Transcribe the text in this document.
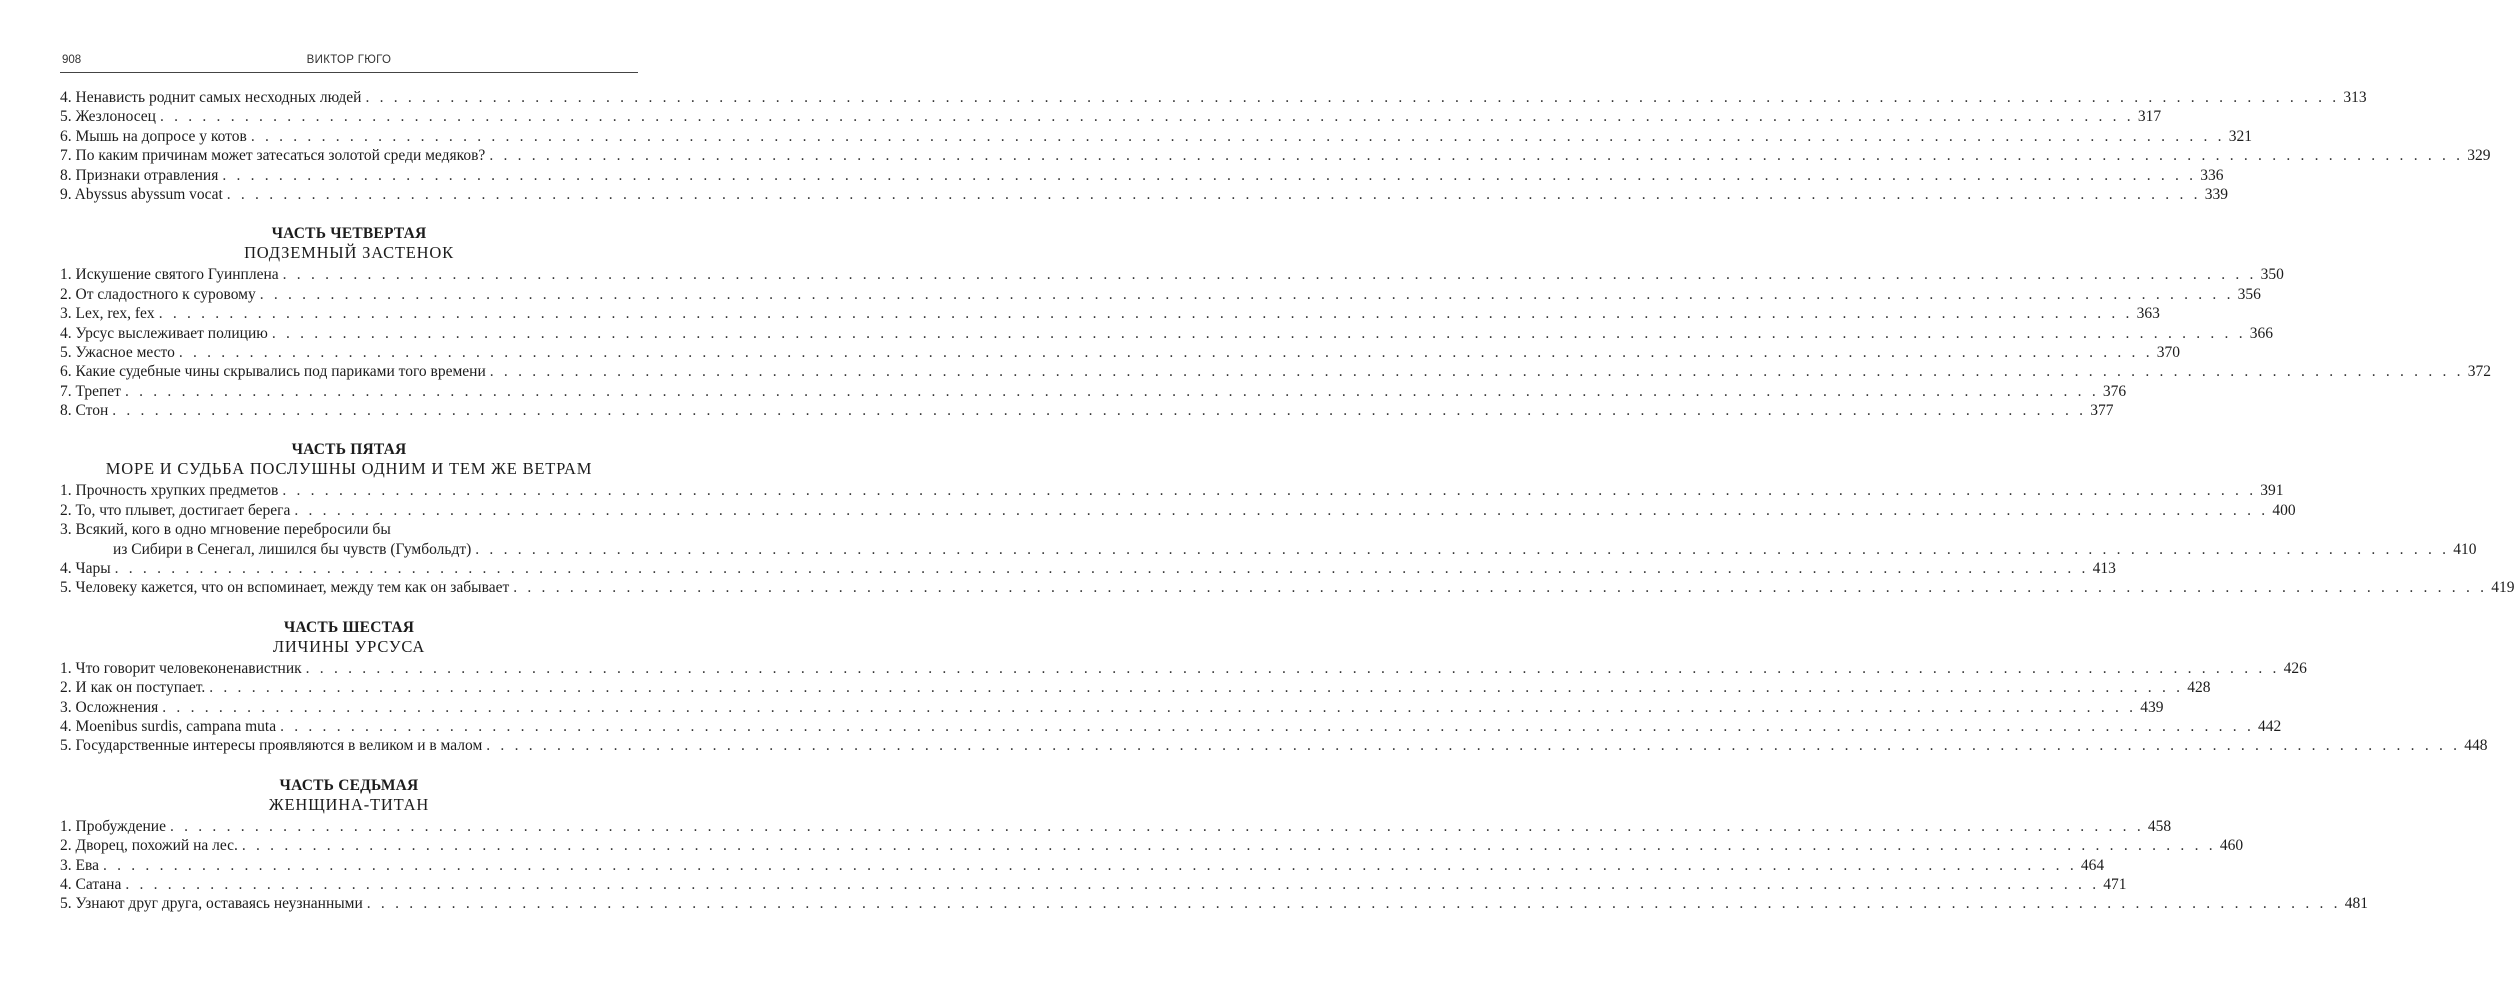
908	ВИКТОР ГЮГО
4. Ненависть роднит самых несходных людей . . . . . . . . . . . . . . . . . . . . . . . . . . . . . . . . . . . . . . . . . . . . . . . . . . . . . . . . . . . . . . . . . . . . . . . . . . . . . . . . . . . . . . . . . . . . . . . . . . . . . . . . . . . . . . . . . . . . . . . . . . . . . . . . . . . . . . . . . . . . 313
5. Жезлоносец . . . . . . . . . . . . . . . . . . . . . . . . . . . . . . . . . . . . . . . . . . . . . . . . . . . . . . . . . . . . . . . . . . . . . . . . . . . . . . . . . . . . . . . . . . . . . . . . . . . . . . . . . . . . . . . . . . . . . . . . . . . . . . . . . . . . . . . . . . . . 317
6. Мышь на допросе у котов . . . . . . . . . . . . . . . . . . . . . . . . . . . . . . . . . . . . . . . . . . . . . . . . . . . . . . . . . . . . . . . . . . . . . . . . . . . . . . . . . . . . . . . . . . . . . . . . . . . . . . . . . . . . . . . . . . . . . . . . . . . . . . . . . . . . . . . . . . . . 321
7. По каким причинам может затесаться золотой среди медяков? . . . . . . . . . . . . . . . . . . . . . . . . . . . . . . . . . . . . . . . . . . . . . . . . . . . . . . . . . . . . . . . . . . . . . . . . . . . . . . . . . . . . . . . . . . . . . . . . . . . . . . . . . . . . . . . . . . . . . . . . . . . . . . . . . . . . . . . . . . . . 329
8. Признаки отравления . . . . . . . . . . . . . . . . . . . . . . . . . . . . . . . . . . . . . . . . . . . . . . . . . . . . . . . . . . . . . . . . . . . . . . . . . . . . . . . . . . . . . . . . . . . . . . . . . . . . . . . . . . . . . . . . . . . . . . . . . . . . . . . . . . . . . . . . . . . . 336
9. Abyssus abyssum vocat . . . . . . . . . . . . . . . . . . . . . . . . . . . . . . . . . . . . . . . . . . . . . . . . . . . . . . . . . . . . . . . . . . . . . . . . . . . . . . . . . . . . . . . . . . . . . . . . . . . . . . . . . . . . . . . . . . . . . . . . . . . . . . . . . . . . . . . . . . . . 339
ЧАСТЬ ЧЕТВЕРТАЯ
ПОДЗЕМНЫЙ ЗАСТЕНОК
1. Искушение святого Гуинплена . . . . . . . . . . . . . . . . . . . . . . . . . . . . . . . . . . . . . . . . . . . . . . . . . . . . . . . . . . . . . . . . . . . . . . . . . . . . . . . . . . . . . . . . . . . . . . . . . . . . . . . . . . . . . . . . . . . . . . . . . . . . . . . . . . . . . . . . . . . . 350
2. От сладостного к суровому . . . . . . . . . . . . . . . . . . . . . . . . . . . . . . . . . . . . . . . . . . . . . . . . . . . . . . . . . . . . . . . . . . . . . . . . . . . . . . . . . . . . . . . . . . . . . . . . . . . . . . . . . . . . . . . . . . . . . . . . . . . . . . . . . . . . . . . . . . . . 356
3. Lex, rex, fex . . . . . . . . . . . . . . . . . . . . . . . . . . . . . . . . . . . . . . . . . . . . . . . . . . . . . . . . . . . . . . . . . . . . . . . . . . . . . . . . . . . . . . . . . . . . . . . . . . . . . . . . . . . . . . . . . . . . . . . . . . . . . . . . . . . . . . . . . . . . 363
4. Урсус выслеживает полицию . . . . . . . . . . . . . . . . . . . . . . . . . . . . . . . . . . . . . . . . . . . . . . . . . . . . . . . . . . . . . . . . . . . . . . . . . . . . . . . . . . . . . . . . . . . . . . . . . . . . . . . . . . . . . . . . . . . . . . . . . . . . . . . . . . . . . . . . . . . . 366
5. Ужасное место . . . . . . . . . . . . . . . . . . . . . . . . . . . . . . . . . . . . . . . . . . . . . . . . . . . . . . . . . . . . . . . . . . . . . . . . . . . . . . . . . . . . . . . . . . . . . . . . . . . . . . . . . . . . . . . . . . . . . . . . . . . . . . . . . . . . . . . . . . . . 370
6. Какие судебные чины скрывались под париками того времени . . . . . . . . . . . . . . . . . . . . . . . . . . . . . . . . . . . . . . . . . . . . . . . . . . . . . . . . . . . . . . . . . . . . . . . . . . . . . . . . . . . . . . . . . . . . . . . . . . . . . . . . . . . . . . . . . . . . . . . . . . . . . . . . . . . . . . . . . . . . 372
7. Трепет . . . . . . . . . . . . . . . . . . . . . . . . . . . . . . . . . . . . . . . . . . . . . . . . . . . . . . . . . . . . . . . . . . . . . . . . . . . . . . . . . . . . . . . . . . . . . . . . . . . . . . . . . . . . . . . . . . . . . . . . . . . . . . . . . . . . . . . . . . . . 376
8. Стон . . . . . . . . . . . . . . . . . . . . . . . . . . . . . . . . . . . . . . . . . . . . . . . . . . . . . . . . . . . . . . . . . . . . . . . . . . . . . . . . . . . . . . . . . . . . . . . . . . . . . . . . . . . . . . . . . . . . . . . . . . . . . . . . . . . . . . . . . . . . 377
ЧАСТЬ ПЯТАЯ
МОРЕ И СУДЬБА ПОСЛУШНЫ ОДНИМ И ТЕМ ЖЕ ВЕТРАМ
1. Прочность хрупких предметов . . . . . . . . . . . . . . . . . . . . . . . . . . . . . . . . . . . . . . . . . . . . . . . . . . . . . . . . . . . . . . . . . . . . . . . . . . . . . . . . . . . . . . . . . . . . . . . . . . . . . . . . . . . . . . . . . . . . . . . . . . . . . . . . . . . . . . . . . . . . 391
2. То, что плывет, достигает берега . . . . . . . . . . . . . . . . . . . . . . . . . . . . . . . . . . . . . . . . . . . . . . . . . . . . . . . . . . . . . . . . . . . . . . . . . . . . . . . . . . . . . . . . . . . . . . . . . . . . . . . . . . . . . . . . . . . . . . . . . . . . . . . . . . . . . . . . . . . . 400
3. Всякий, кого в одно мгновение перебросили бы
из Сибири в Сенегал, лишился бы чувств (Гумбольдт) . . . . . . . . . . . . . . . . . . . . . . . . . . . . . . . . . . . . . . . . . . . . . . . . . . . . . . . . . . . . . . . . . . . . . . . . . . . . . . . . . . . . . . . . . . . . . . . . . . . . . . . . . . . . . . . . . . . . . . . . . . . . . . . . . . . . . . . . . . . . 410
4. Чары . . . . . . . . . . . . . . . . . . . . . . . . . . . . . . . . . . . . . . . . . . . . . . . . . . . . . . . . . . . . . . . . . . . . . . . . . . . . . . . . . . . . . . . . . . . . . . . . . . . . . . . . . . . . . . . . . . . . . . . . . . . . . . . . . . . . . . . . . . . . 413
5. Человеку кажется, что он вспоминает, между тем как он забывает . . . . . . . . . . . . . . . . . . . . . . . . . . . . . . . . . . . . . . . . . . . . . . . . . . . . . . . . . . . . . . . . . . . . . . . . . . . . . . . . . . . . . . . . . . . . . . . . . . . . . . . . . . . . . . . . . . . . . . . . . . . . . . . . . . . . . . . . . . . . 419
ЧАСТЬ ШЕСТАЯ
ЛИЧИНЫ УРСУСА
1. Что говорит человеконенавистник . . . . . . . . . . . . . . . . . . . . . . . . . . . . . . . . . . . . . . . . . . . . . . . . . . . . . . . . . . . . . . . . . . . . . . . . . . . . . . . . . . . . . . . . . . . . . . . . . . . . . . . . . . . . . . . . . . . . . . . . . . . . . . . . . . . . . . . . . . . . 426
2. И как он поступает. . . . . . . . . . . . . . . . . . . . . . . . . . . . . . . . . . . . . . . . . . . . . . . . . . . . . . . . . . . . . . . . . . . . . . . . . . . . . . . . . . . . . . . . . . . . . . . . . . . . . . . . . . . . . . . . . . . . . . . . . . . . . . . . . . . . . . . . . . . . . 428
3. Осложнения . . . . . . . . . . . . . . . . . . . . . . . . . . . . . . . . . . . . . . . . . . . . . . . . . . . . . . . . . . . . . . . . . . . . . . . . . . . . . . . . . . . . . . . . . . . . . . . . . . . . . . . . . . . . . . . . . . . . . . . . . . . . . . . . . . . . . . . . . . . . 439
4. Moenibus surdis, campana muta . . . . . . . . . . . . . . . . . . . . . . . . . . . . . . . . . . . . . . . . . . . . . . . . . . . . . . . . . . . . . . . . . . . . . . . . . . . . . . . . . . . . . . . . . . . . . . . . . . . . . . . . . . . . . . . . . . . . . . . . . . . . . . . . . . . . . . . . . . . . 442
5. Государственные интересы проявляются в великом и в малом . . . . . . . . . . . . . . . . . . . . . . . . . . . . . . . . . . . . . . . . . . . . . . . . . . . . . . . . . . . . . . . . . . . . . . . . . . . . . . . . . . . . . . . . . . . . . . . . . . . . . . . . . . . . . . . . . . . . . . . . . . . . . . . . . . . . . . . . . . . . 448
ЧАСТЬ СЕДЬМАЯ
ЖЕНЩИНА-ТИТАН
1. Пробуждение . . . . . . . . . . . . . . . . . . . . . . . . . . . . . . . . . . . . . . . . . . . . . . . . . . . . . . . . . . . . . . . . . . . . . . . . . . . . . . . . . . . . . . . . . . . . . . . . . . . . . . . . . . . . . . . . . . . . . . . . . . . . . . . . . . . . . . . . . . . . 458
2. Дворец, похожий на лес. . . . . . . . . . . . . . . . . . . . . . . . . . . . . . . . . . . . . . . . . . . . . . . . . . . . . . . . . . . . . . . . . . . . . . . . . . . . . . . . . . . . . . . . . . . . . . . . . . . . . . . . . . . . . . . . . . . . . . . . . . . . . . . . . . . . . . . . . . . . . 460
3. Ева . . . . . . . . . . . . . . . . . . . . . . . . . . . . . . . . . . . . . . . . . . . . . . . . . . . . . . . . . . . . . . . . . . . . . . . . . . . . . . . . . . . . . . . . . . . . . . . . . . . . . . . . . . . . . . . . . . . . . . . . . . . . . . . . . . . . . . . . . . . . 464
4. Сатана . . . . . . . . . . . . . . . . . . . . . . . . . . . . . . . . . . . . . . . . . . . . . . . . . . . . . . . . . . . . . . . . . . . . . . . . . . . . . . . . . . . . . . . . . . . . . . . . . . . . . . . . . . . . . . . . . . . . . . . . . . . . . . . . . . . . . . . . . . . . 471
5. Узнают друг друга, оставаясь неузнанными . . . . . . . . . . . . . . . . . . . . . . . . . . . . . . . . . . . . . . . . . . . . . . . . . . . . . . . . . . . . . . . . . . . . . . . . . . . . . . . . . . . . . . . . . . . . . . . . . . . . . . . . . . . . . . . . . . . . . . . . . . . . . . . . . . . . . . . . . . . . 481
